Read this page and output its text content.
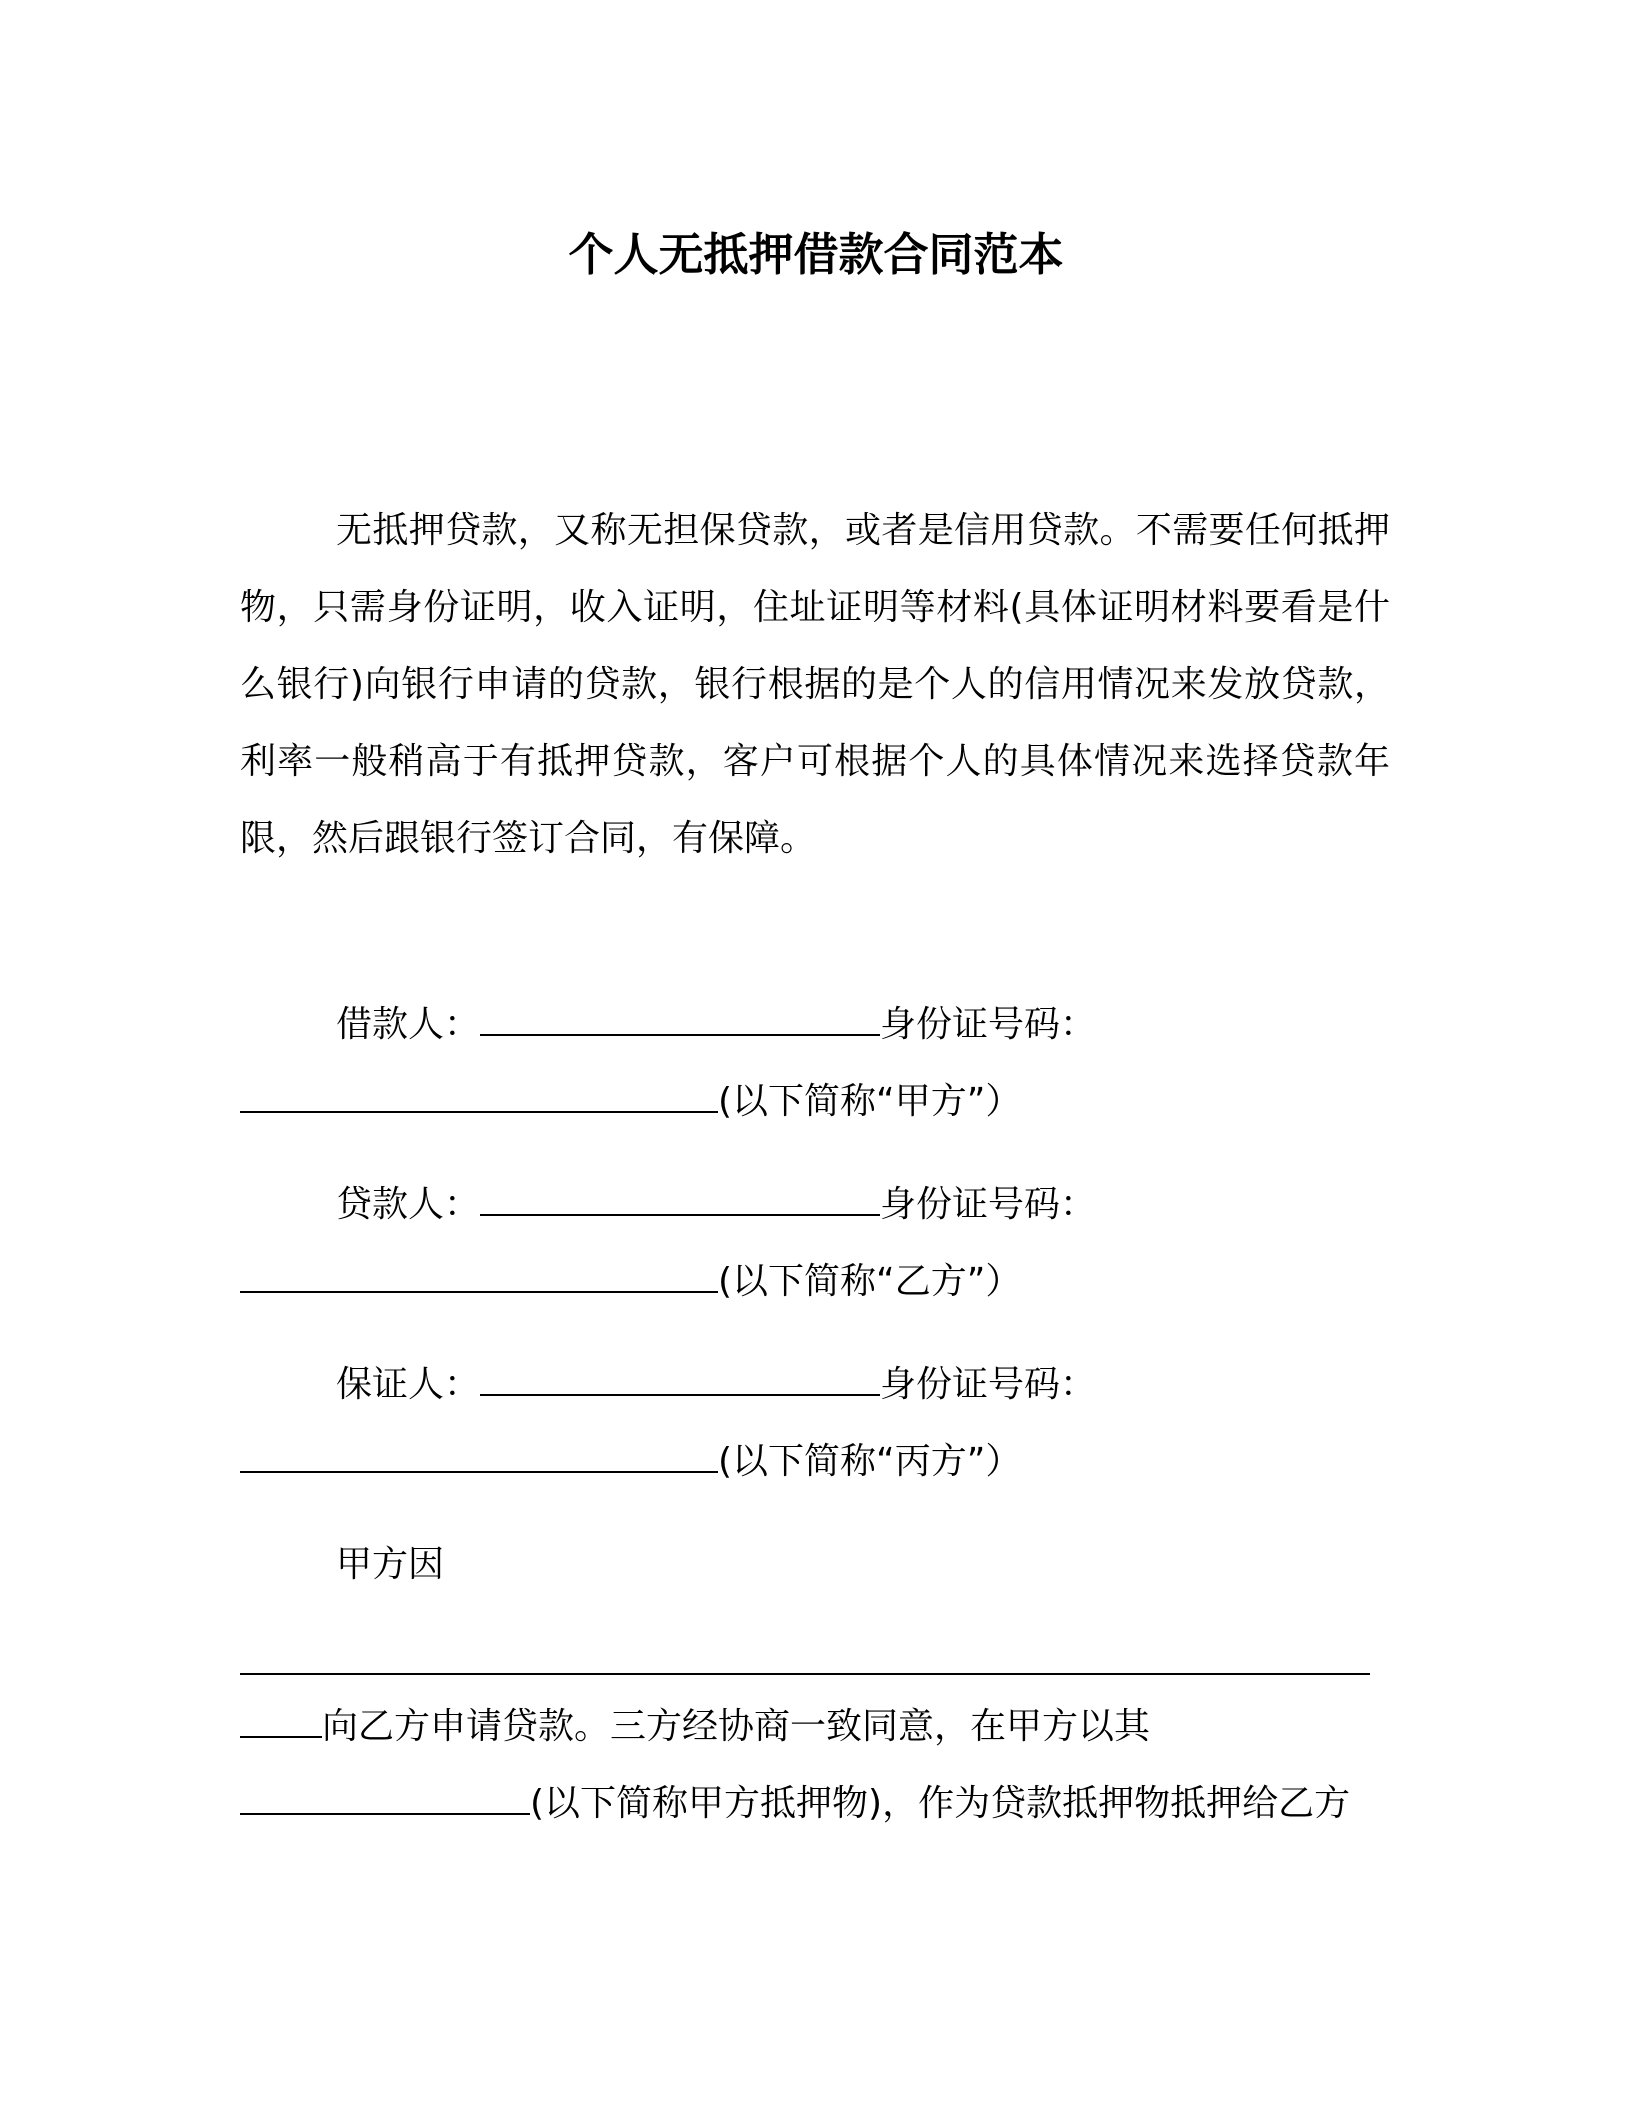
个人无抵押借款合同范本
无抵押贷款，又称无担保贷款，或者是信用贷款。不需要任何抵押物，只需身份证明，收入证明，住址证明等材料(具体证明材料要看是什么银行)向银行申请的贷款，银行根据的是个人的信用情况来发放贷款，利率一般稍高于有抵押贷款，客户可根据个人的具体情况来选择贷款年限，然后跟银行签订合同，有保障。
借款人：	身份证号码：
(以下简称“甲方”）
贷款人：	身份证号码：
(以下简称“乙方”）
保证人：	身份证号码：
(以下简称“丙方”）
甲方因
向乙方申请贷款。三方经协商一致同意，在甲方以其
(以下简称甲方抵押物)，作为贷款抵押物抵押给乙方
